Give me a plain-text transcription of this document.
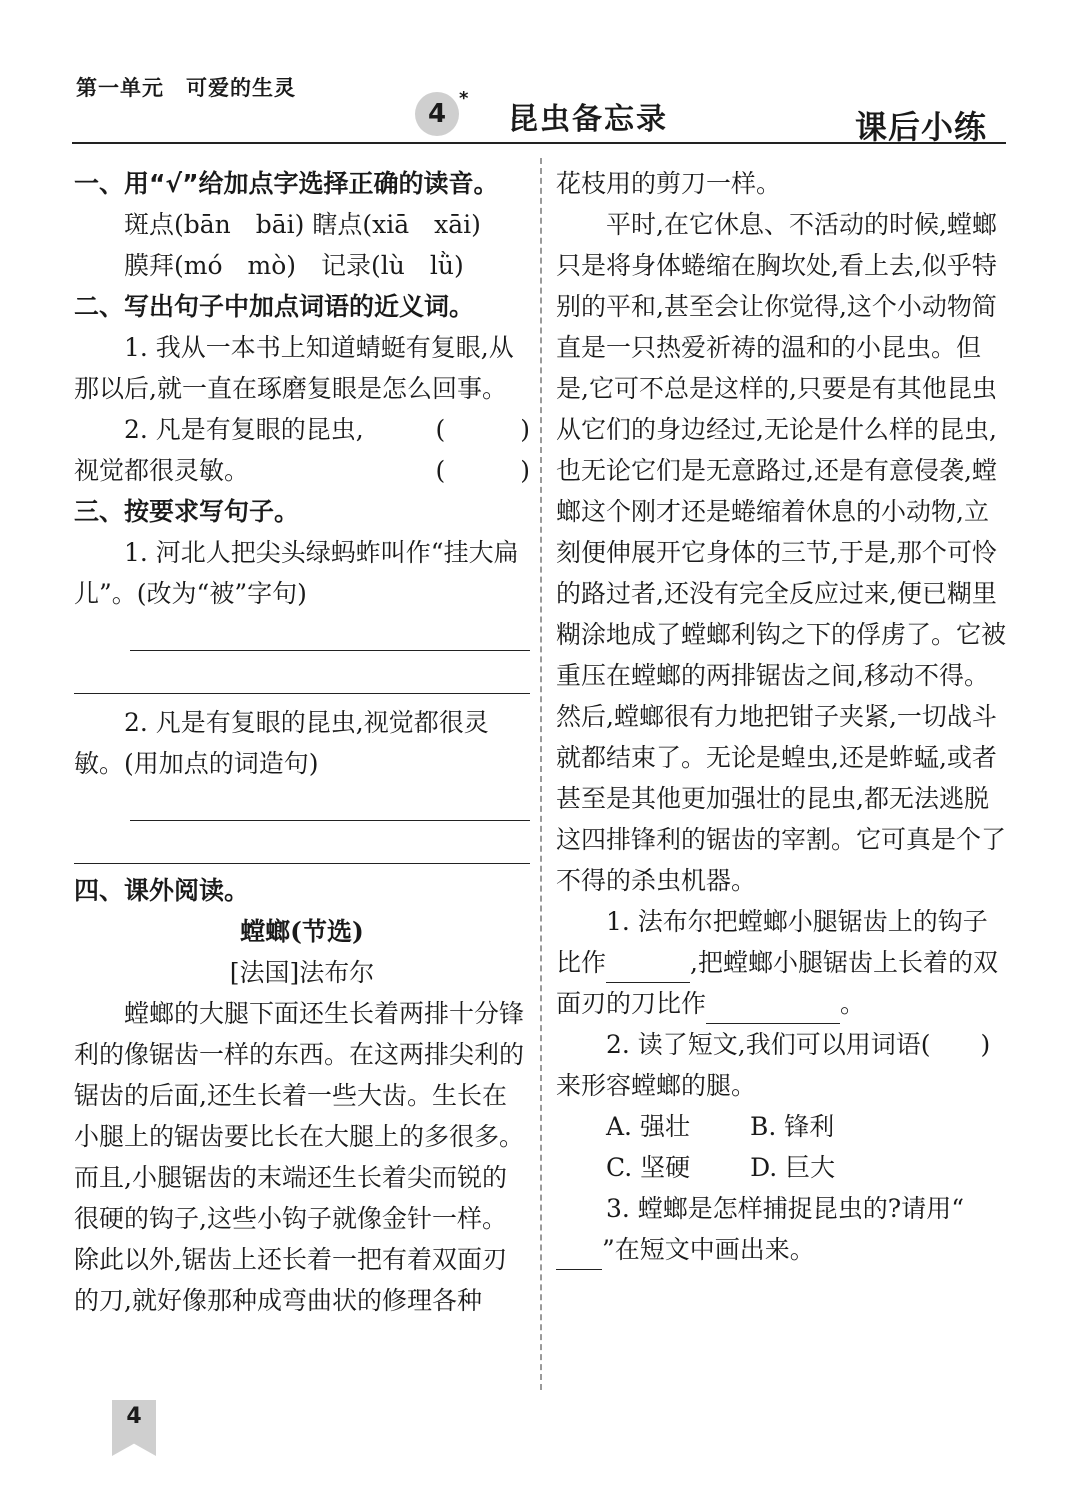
第一单元　可爱的生灵
4
*
昆虫备忘录	课后小练

一、用“√”给加点字选择正确的读音。

斑点(bān　bāi) 瞎点(xiā　xāi)

膜拜(mó　mò)　记录(lù　lǜ)

二、写出句子中加点词语的近义词。

1. 我从一本书上知道蜻蜓有复眼,从那以后,就一直在琢磨复眼是怎么回事。
(　　　)

2. 凡是有复眼的昆虫,视觉都很灵敏。	(　　　)

三、按要求写句子。

1. 河北人把尖头绿蚂蚱叫作“挂大扁儿”。(改为“被”字句)

2. 凡是有复眼的昆虫,视觉都很灵敏。(用加点的词造句)

四、课外阅读。

螳螂(节选)

[法国]法布尔

螳螂的大腿下面还生长着两排十分锋利的像锯齿一样的东西。在这两排尖利的锯齿的后面,还生长着一些大齿。生长在小腿上的锯齿要比长在大腿上的多很多。而且,小腿锯齿的末端还生长着尖而锐的很硬的钩子,这些小钩子就像金针一样。除此以外,锯齿上还长着一把有着双面刃的刀,就好像那种成弯曲状的修理各种

花枝用的剪刀一样。

平时,在它休息、不活动的时候,螳螂只是将身体蜷缩在胸坎处,看上去,似乎特别的平和,甚至会让你觉得,这个小动物简直是一只热爱祈祷的温和的小昆虫。但是,它可不总是这样的,只要是有其他昆虫从它们的身边经过,无论是什么样的昆虫,也无论它们是无意路过,还是有意侵袭,螳螂这个刚才还是蜷缩着休息的小动物,立刻便伸展开它身体的三节,于是,那个可怜的路过者,还没有完全反应过来,便已糊里糊涂地成了螳螂利钩之下的俘虏了。它被重压在螳螂的两排锯齿之间,移动不得。然后,螳螂很有力地把钳子夹紧,一切战斗就都结束了。无论是蝗虫,还是蚱蜢,或者甚至是其他更加强壮的昆虫,都无法逃脱这四排锋利的锯齿的宰割。它可真是个了不得的杀虫机器。

1. 法布尔把螳螂小腿锯齿上的钩子比作	,把螳螂小腿锯齿上长着的双面刃的刀比作	。

2. 读了短文,我们可以用词语(　　)来形容螳螂的腿。

A. 强壮 B. 锋利

C. 坚硬 D. 巨大

3. 螳螂是怎样捕捉昆虫的?请用“”在短文中画出来。

4
